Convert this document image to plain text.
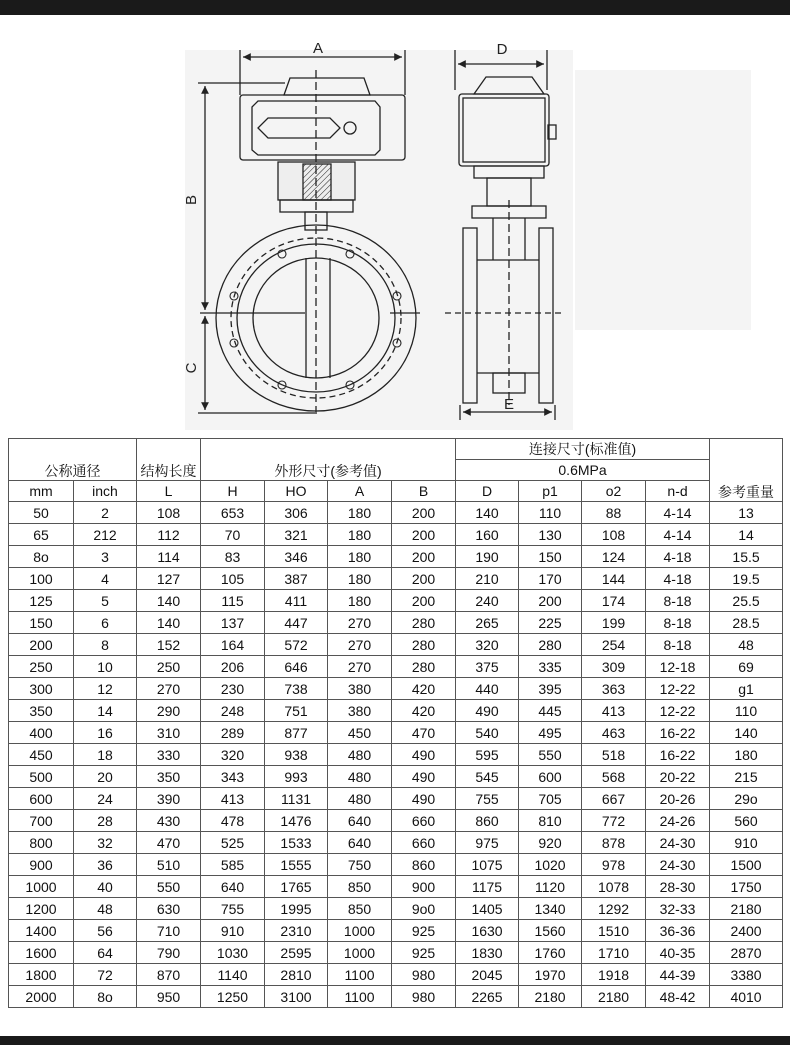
A
B
C
D
E
公称通径		结构长度	外形尺寸(参考值)				连接尺寸(标准值)				参考重量
							0.6MPa				
mm	inch	L	H	HO	A	B	D	p1	o2	n-d	
50	2	108	653	306	180	200	140	110	88	4-14	13
65	212	112	70	321	180	200	160	130	108	4-14	14
8o	3	114	83	346	180	200	190	150	124	4-18	15.5
100	4	127	105	387	180	200	210	170	144	4-18	19.5
125	5	140	115	411	180	200	240	200	174	8-18	25.5
150	6	140	137	447	270	280	265	225	199	8-18	28.5
200	8	152	164	572	270	280	320	280	254	8-18	48
250	10	250	206	646	270	280	375	335	309	12-18	69
300	12	270	230	738	380	420	440	395	363	12-22	g1
350	14	290	248	751	380	420	490	445	413	12-22	110
400	16	310	289	877	450	470	540	495	463	16-22	140
450	18	330	320	938	480	490	595	550	518	16-22	180
500	20	350	343	993	480	490	545	600	568	20-22	215
600	24	390	413	1131	480	490	755	705	667	20-26	29o
700	28	430	478	1476	640	660	860	810	772	24-26	560
800	32	470	525	1533	640	660	975	920	878	24-30	910
900	36	510	585	1555	750	860	1075	1020	978	24-30	1500
1000	40	550	640	1765	850	900	1175	1120	1078	28-30	1750
1200	48	630	755	1995	850	9o0	1405	1340	1292	32-33	2180
1400	56	710	910	2310	1000	925	1630	1560	1510	36-36	2400
1600	64	790	1030	2595	1000	925	1830	1760	1710	40-35	2870
1800	72	870	1140	2810	1100	980	2045	1970	1918	44-39	3380
2000	8o	950	1250	3100	1100	980	2265	2180	2180	48-42	4010
